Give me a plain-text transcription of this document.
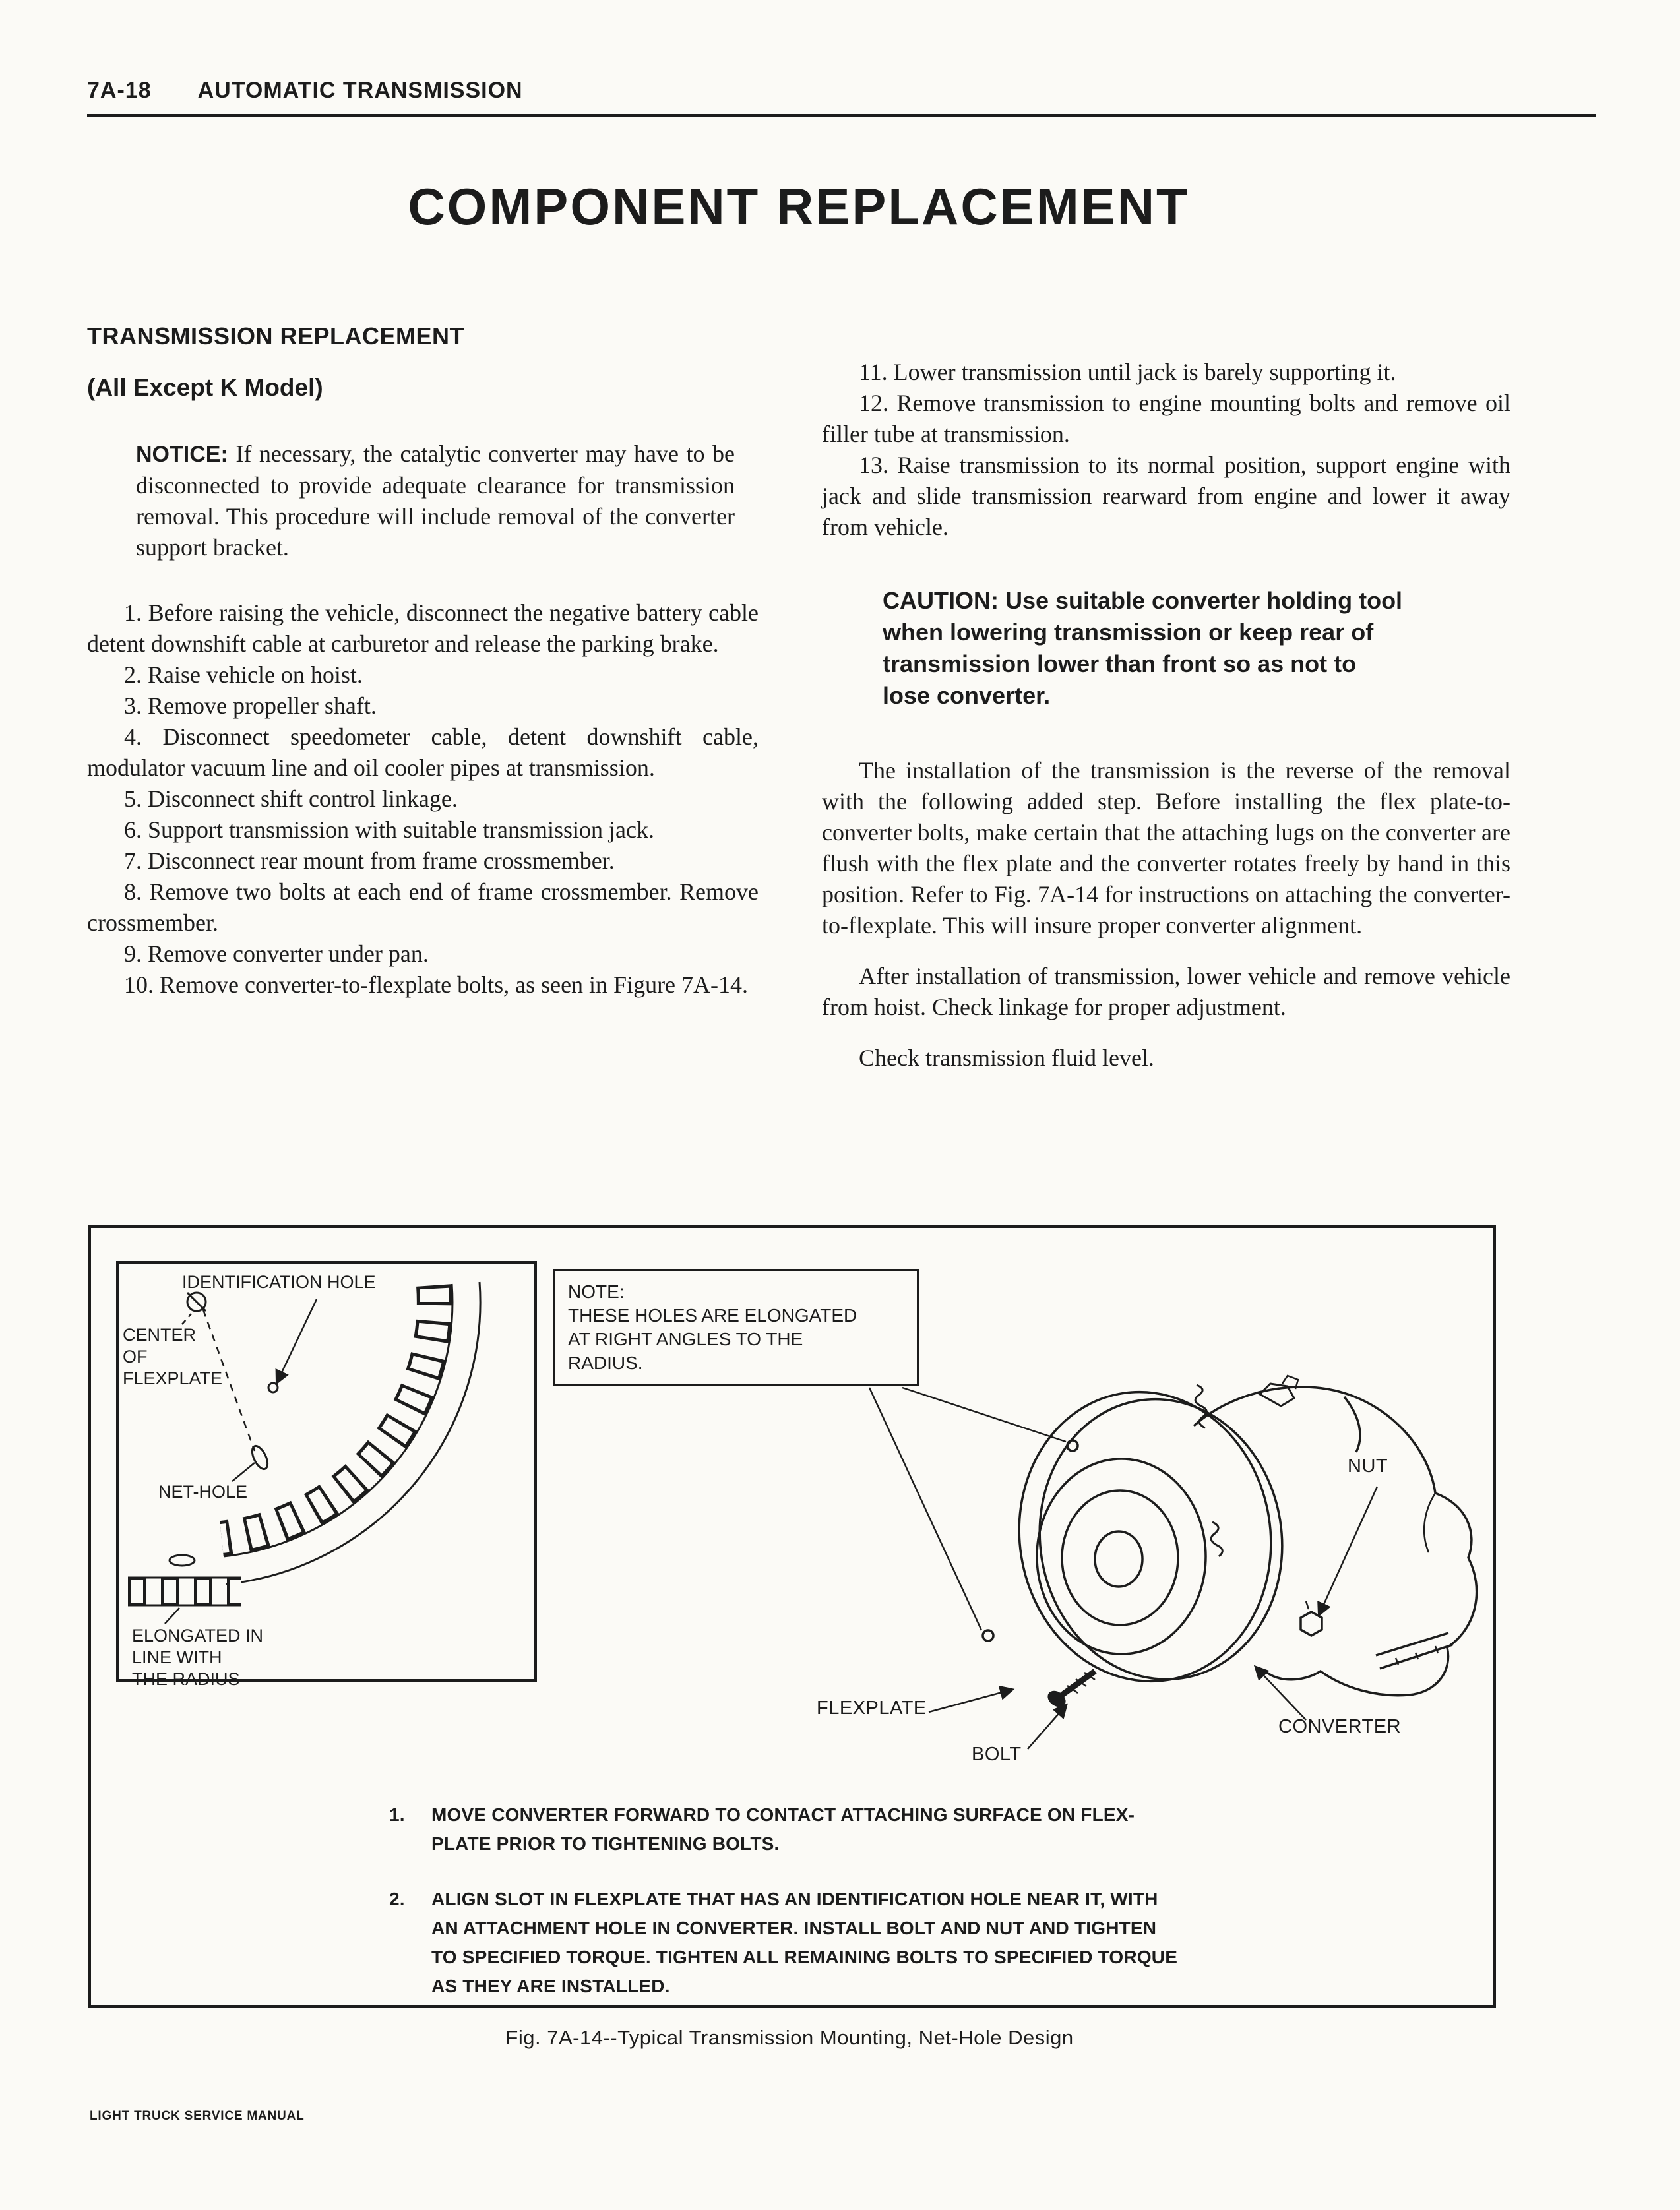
7A-18 AUTOMATIC TRANSMISSION
COMPONENT REPLACEMENT
TRANSMISSION REPLACEMENT
(All Except K Model)

NOTICE: If necessary, the catalytic converter may have to be disconnected to provide adequate clearance for transmission removal. This procedure will include removal of the converter support bracket.

1. Before raising the vehicle, disconnect the negative battery cable detent downshift cable at carburetor and release the parking brake.

2. Raise vehicle on hoist.

3. Remove propeller shaft.

4. Disconnect speedometer cable, detent downshift cable, modulator vacuum line and oil cooler pipes at transmission.

5. Disconnect shift control linkage.

6. Support transmission with suitable transmission jack.

7. Disconnect rear mount from frame crossmember.

8. Remove two bolts at each end of frame crossmember. Remove crossmember.

9. Remove converter under pan.

10. Remove converter-to-flexplate bolts, as seen in Figure 7A-14.

11. Lower transmission until jack is barely supporting it.

12. Remove transmission to engine mounting bolts and remove oil filler tube at transmission.

13. Raise transmission to its normal position, support engine with jack and slide transmission rearward from engine and lower it away from vehicle.

CAUTION: Use suitable converter holding tool when lowering transmission or keep rear of transmission lower than front so as not to lose converter.

The installation of the transmission is the reverse of the removal with the following added step. Before installing the flex plate-to-converter bolts, make certain that the attaching lugs on the converter are flush with the flex plate and the converter rotates freely by hand in this position. Refer to Fig. 7A-14 for instructions on attaching the converter-to-flexplate. This will insure proper converter alignment.

After installation of transmission, lower vehicle and remove vehicle from hoist. Check linkage for proper adjustment.

Check transmission fluid level.

IDENTIFICATION HOLE
CENTER
OF
FLEXPLATE
NET-HOLE
ELONGATED IN
LINE WITH
THE RADIUS
NOTE:
THESE HOLES ARE ELONGATED
AT RIGHT ANGLES TO THE
RADIUS.
NUT
FLEXPLATE
BOLT
CONVERTER
1.	MOVE CONVERTER FORWARD TO CONTACT ATTACHING SURFACE ON FLEX-PLATE PRIOR TO TIGHTENING BOLTS.
2.	ALIGN SLOT IN FLEXPLATE THAT HAS AN IDENTIFICATION HOLE NEAR IT, WITH AN ATTACHMENT HOLE IN CONVERTER. INSTALL BOLT AND NUT AND TIGHTEN TO SPECIFIED TORQUE. TIGHTEN ALL REMAINING BOLTS TO SPECIFIED TORQUE AS THEY ARE INSTALLED.
Fig. 7A-14--Typical Transmission Mounting, Net-Hole Design
LIGHT TRUCK SERVICE MANUAL
